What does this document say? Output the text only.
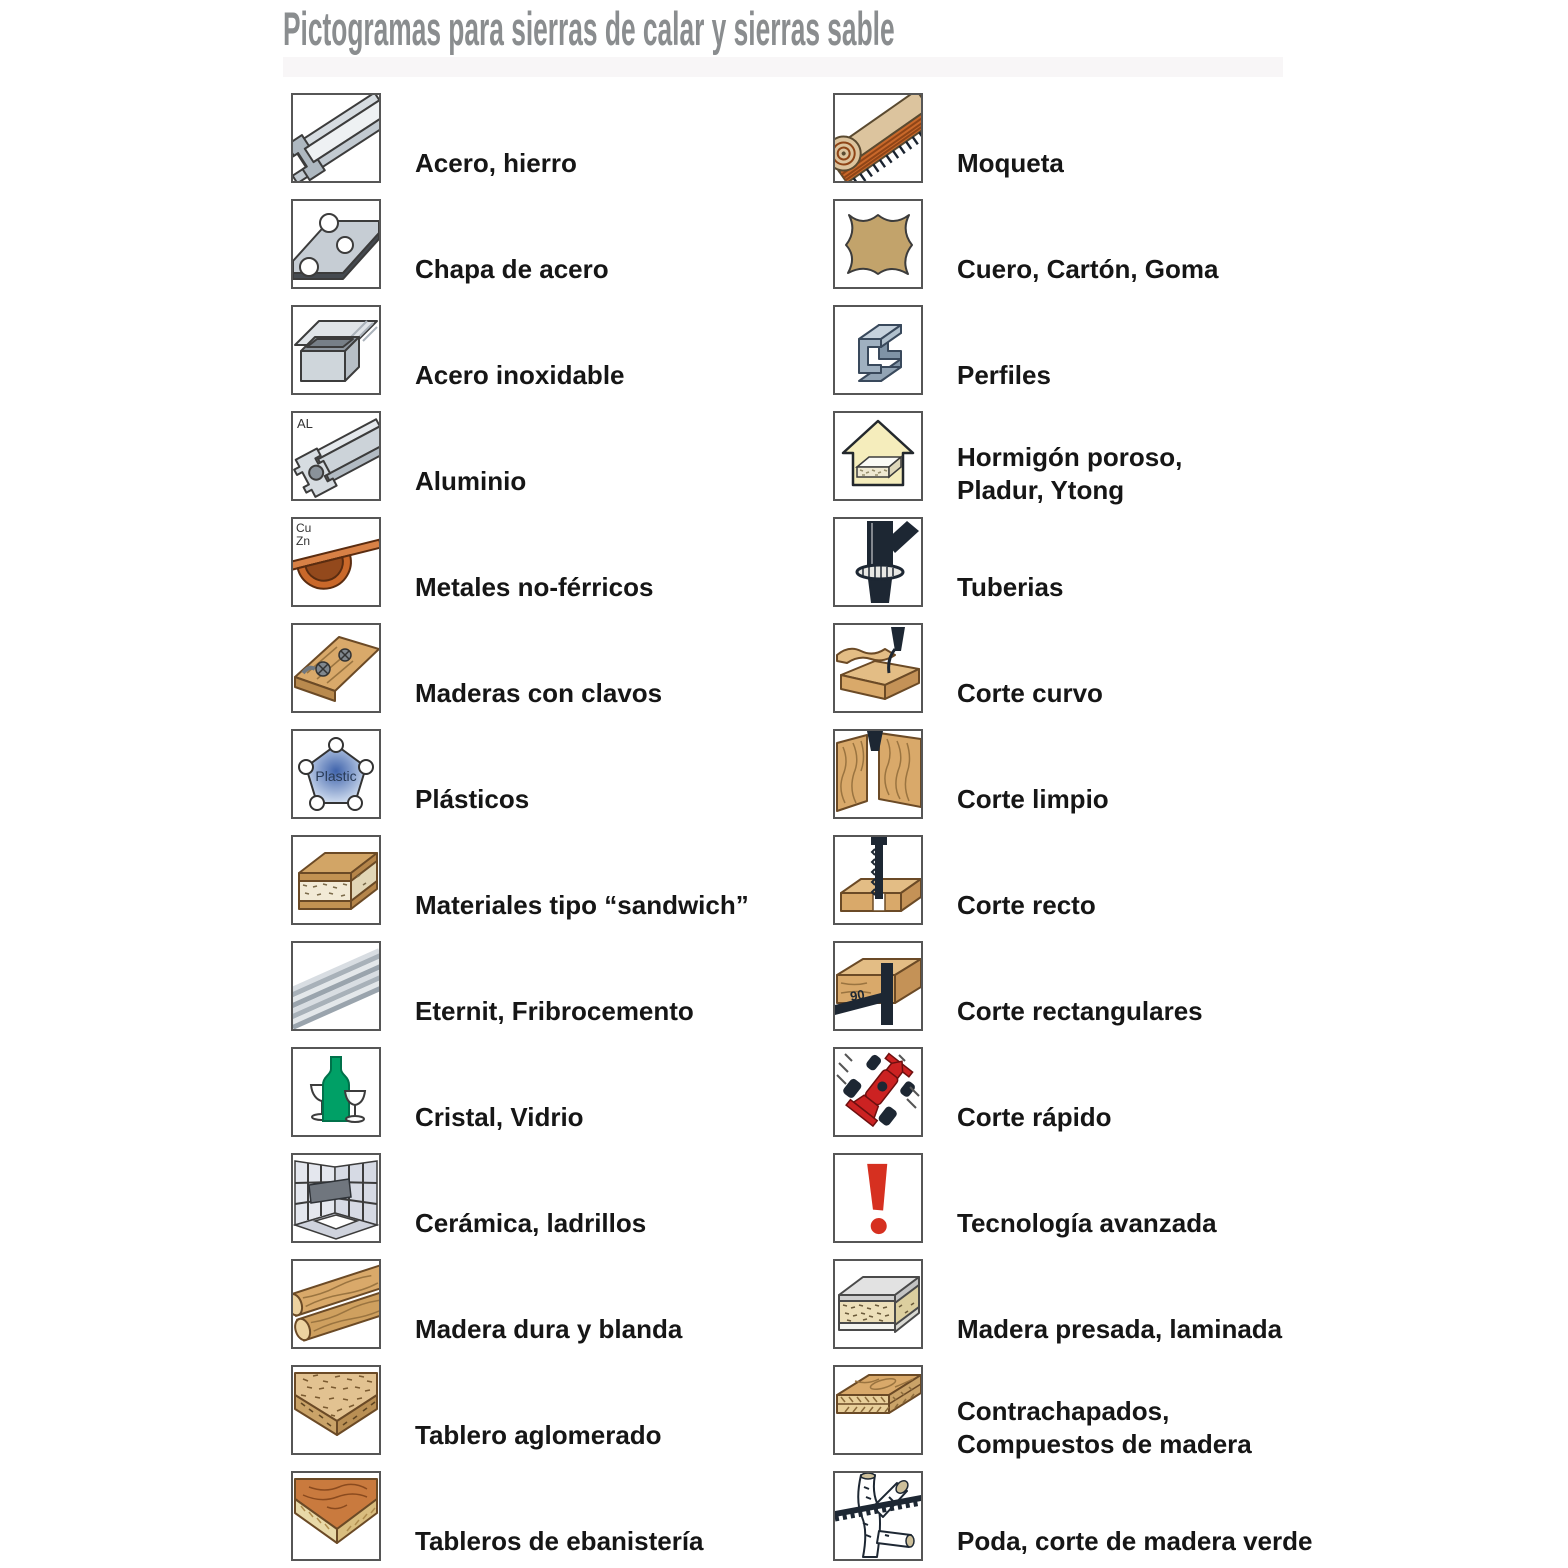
Pictogramas para sierras de calar y sierras sable
Acero, hierro
Chapa de acero
Acero inoxidable
AL
Aluminio
Cu
Zn
Metales no-férricos
Maderas con clavos
Plastic
Plásticos
Materiales tipo “sandwich”
Eternit, Fribrocemento
Cristal, Vidrio
Cerámica, ladrillos
Madera dura y blanda
Tablero aglomerado
Tableros de ebanistería
Moqueta
Cuero, Cartón, Goma
Perfiles
Hormigón poroso,
Pladur, Ytong
Tuberias
Corte curvo
Corte limpio
Corte recto
90
Corte rectangulares
Corte rápido
Tecnología avanzada
Madera presada, laminada
Contrachapados,
Compuestos de madera
Poda, corte de madera verde
